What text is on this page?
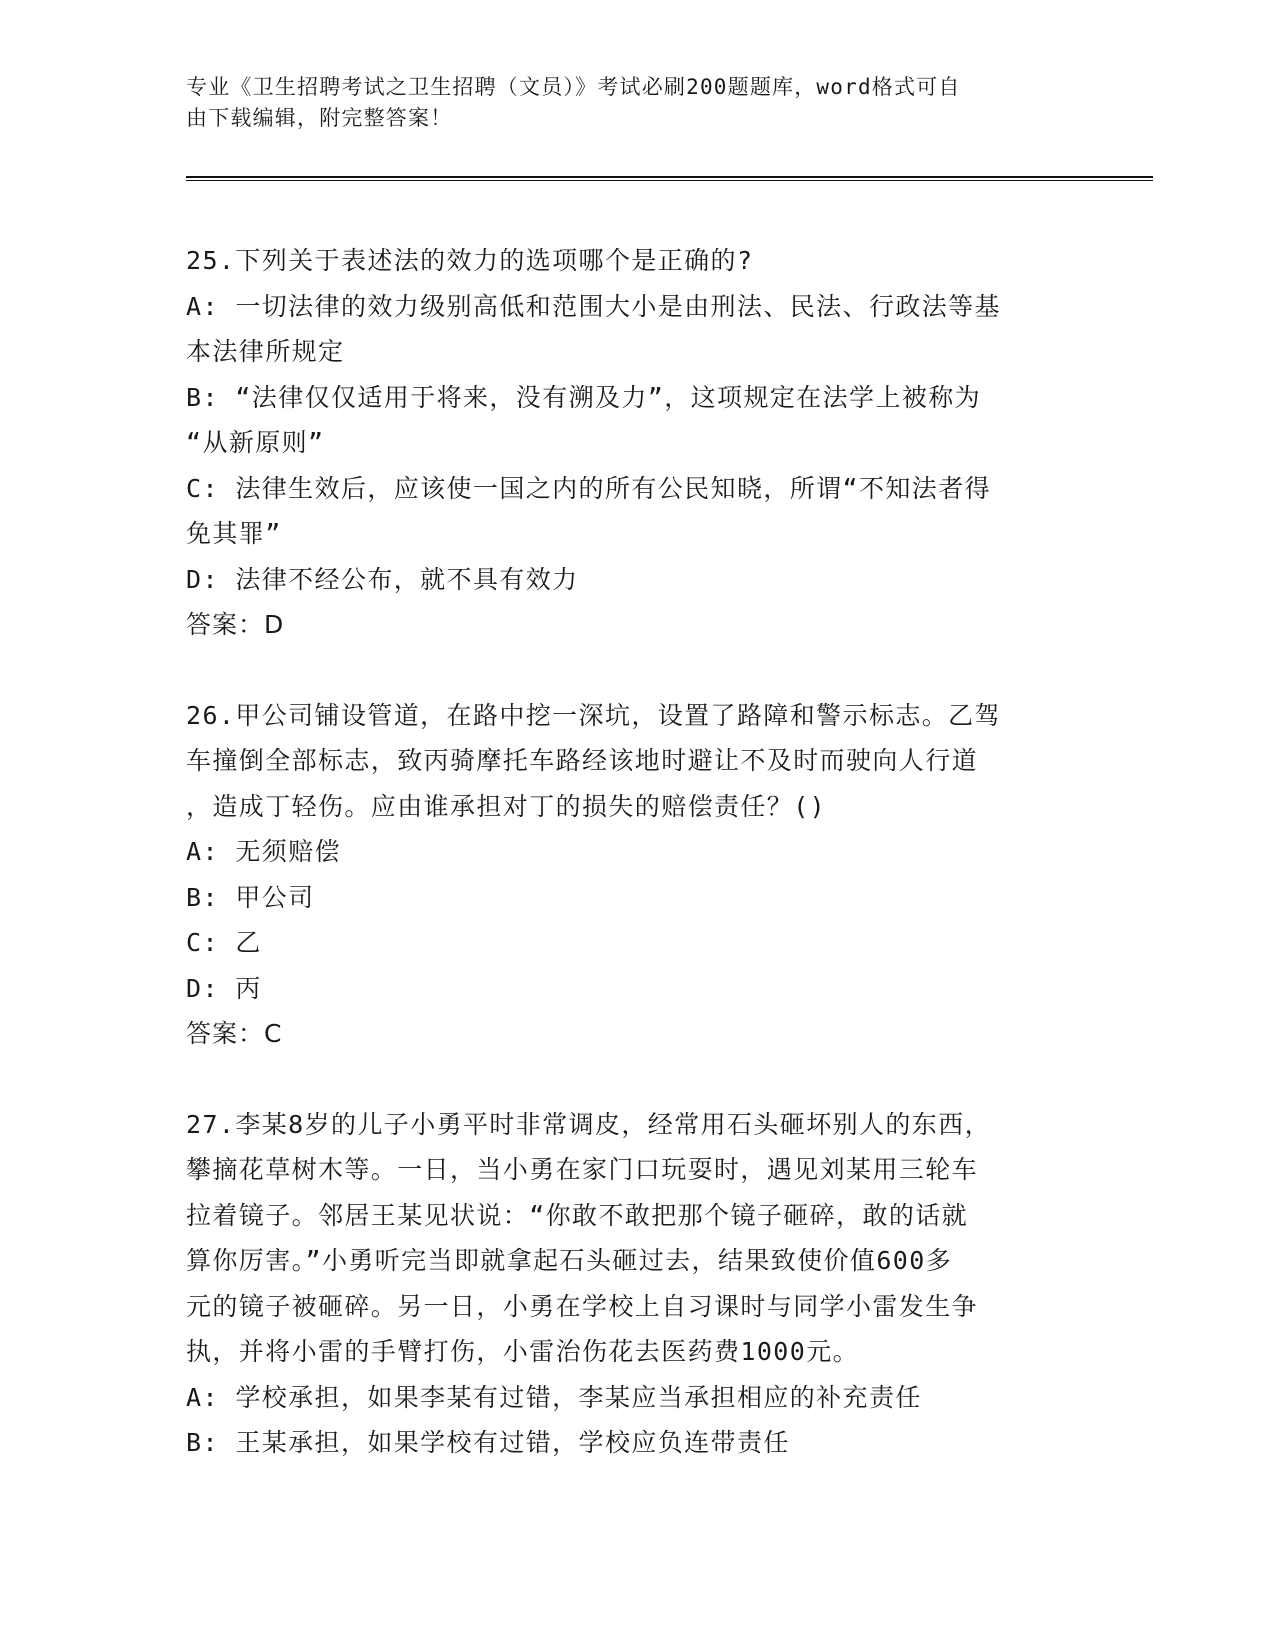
专业《卫生招聘考试之卫生招聘（文员）》考试必刷200题题库，word格式可自
由下载编辑，附完整答案！
25.下列关于表述法的效力的选项哪个是正确的?
A: 一切法律的效力级别高低和范围大小是由刑法、民法、行政法等基
本法律所规定
B: “法律仅仅适用于将来，没有溯及力”，这项规定在法学上被称为
“从新原则”
C: 法律生效后，应该使一国之内的所有公民知晓，所谓“不知法者得
免其罪”
D: 法律不经公布，就不具有效力
答案：D
26.甲公司铺设管道，在路中挖一深坑，设置了路障和警示标志。乙驾
车撞倒全部标志，致丙骑摩托车路经该地时避让不及时而驶向人行道
，造成丁轻伤。应由谁承担对丁的损失的赔偿责任？()
A: 无须赔偿
B: 甲公司
C: 乙
D: 丙
答案：C
27.李某8岁的儿子小勇平时非常调皮，经常用石头砸坏别人的东西，
攀摘花草树木等。一日，当小勇在家门口玩耍时，遇见刘某用三轮车
拉着镜子。邻居王某见状说：“你敢不敢把那个镜子砸碎，敢的话就
算你厉害。”小勇听完当即就拿起石头砸过去，结果致使价值600多
元的镜子被砸碎。另一日，小勇在学校上自习课时与同学小雷发生争
执，并将小雷的手臂打伤，小雷治伤花去医药费1000元。
A: 学校承担，如果李某有过错，李某应当承担相应的补充责任
B: 王某承担，如果学校有过错，学校应负连带责任
